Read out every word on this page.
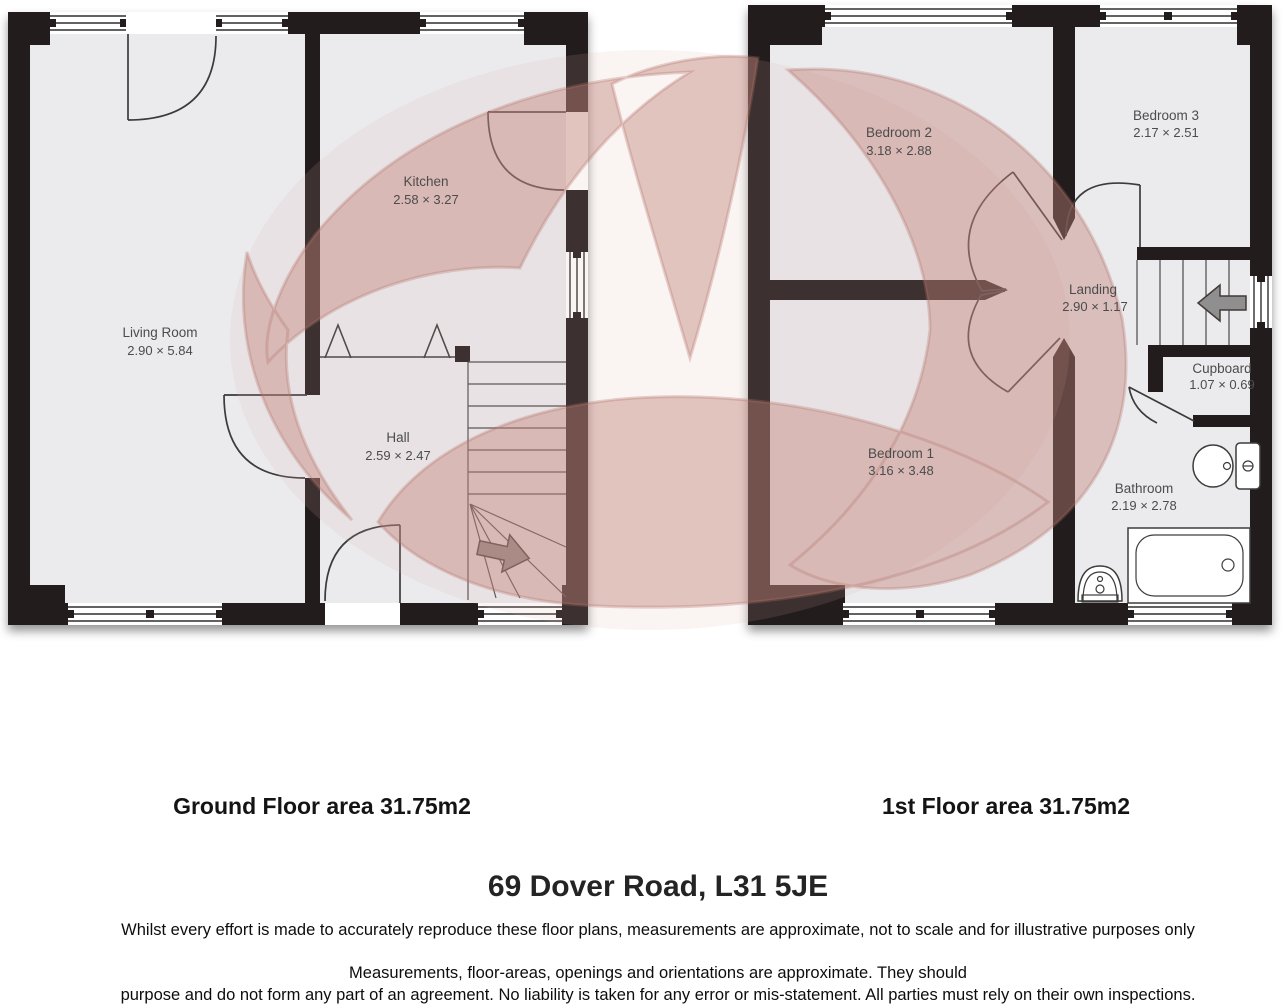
Living Room
2.90 × 5.84
Kitchen
2.58 × 3.27
Hall
2.59 × 2.47
Bedroom 2
3.18 × 2.88
Bedroom 3
2.17 × 2.51
Landing
2.90 × 1.17
Cupboard
1.07 × 0.69
Bedroom 1
3.16 × 3.48
Bathroom
2.19 × 2.78
Ground Floor area 31.75m2	1st Floor area 31.75m2
69 Dover Road, L31 5JE
Whilst every effort is made to accurately reproduce these floor plans, measurements are approximate, not to scale and for illustrative purposes only
Measurements, floor-areas, openings and orientations are approximate. They should
purpose and do not form any part of an agreement. No liability is taken for any error or mis-statement. All parties must rely on their own inspections.
